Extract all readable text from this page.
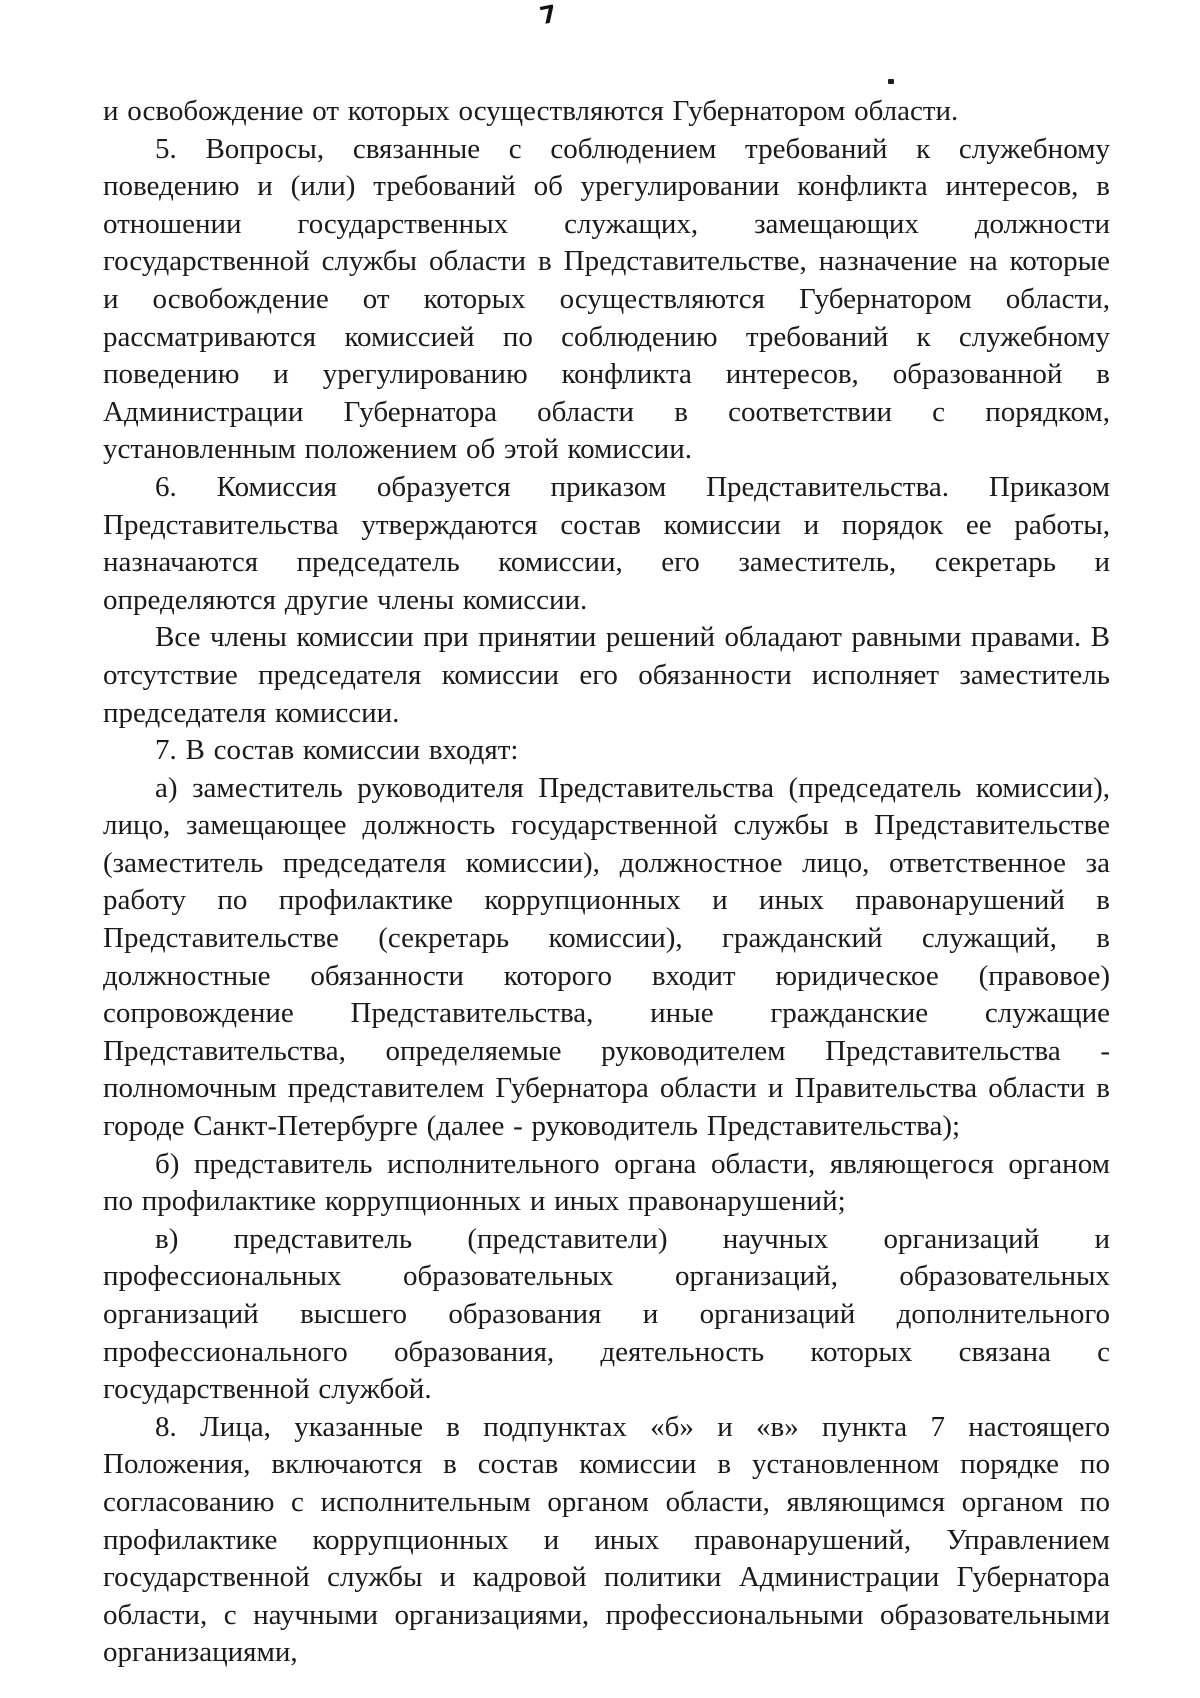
7

и освобождение от которых осуществляются Губернатором области.

5. Вопросы, связанные с соблюдением требований к служебному поведению и (или) требований об урегулировании конфликта интересов, в отношении государственных служащих, замещающих должности государственной службы области в Представительстве, назначение на которые и освобождение от которых осуществляются Губернатором области, рассматриваются комиссией по соблюдению требований к служебному поведению и урегулированию конфликта интересов, образованной в Администрации Губернатора области в соответствии с порядком, установленным положением об этой комиссии.

6. Комиссия образуется приказом Представительства. Приказом Представительства утверждаются состав комиссии и порядок ее работы, назначаются председатель комиссии, его заместитель, секретарь и определяются другие члены комиссии.

Все члены комиссии при принятии решений обладают равными правами. В отсутствие председателя комиссии его обязанности исполняет заместитель председателя комиссии.

7. В состав комиссии входят:

а) заместитель руководителя Представительства (председатель комиссии), лицо, замещающее должность государственной службы в Представительстве (заместитель председателя комиссии), должностное лицо, ответственное за работу по профилактике коррупционных и иных правонарушений в Представительстве (секретарь комиссии), гражданский служащий, в должностные обязанности которого входит юридическое (правовое) сопровождение Представительства, иные гражданские служащие Представительства, определяемые руководителем Представительства - полномочным представителем Губернатора области и Правительства области в городе Санкт-Петербурге (далее - руководитель Представительства);

б) представитель исполнительного органа области, являющегося органом по профилактике коррупционных и иных правонарушений;

в) представитель (представители) научных организаций и профессиональных образовательных организаций, образовательных организаций высшего образования и организаций дополнительного профессионального образования, деятельность которых связана с государственной службой.

8. Лица, указанные в подпунктах «б» и «в» пункта 7 настоящего Положения, включаются в состав комиссии в установленном порядке по согласованию с исполнительным органом области, являющимся органом по профилактике коррупционных и иных правонарушений, Управлением государственной службы и кадровой политики Администрации Губернатора области, с научными организациями, профессиональными образовательными организациями,
